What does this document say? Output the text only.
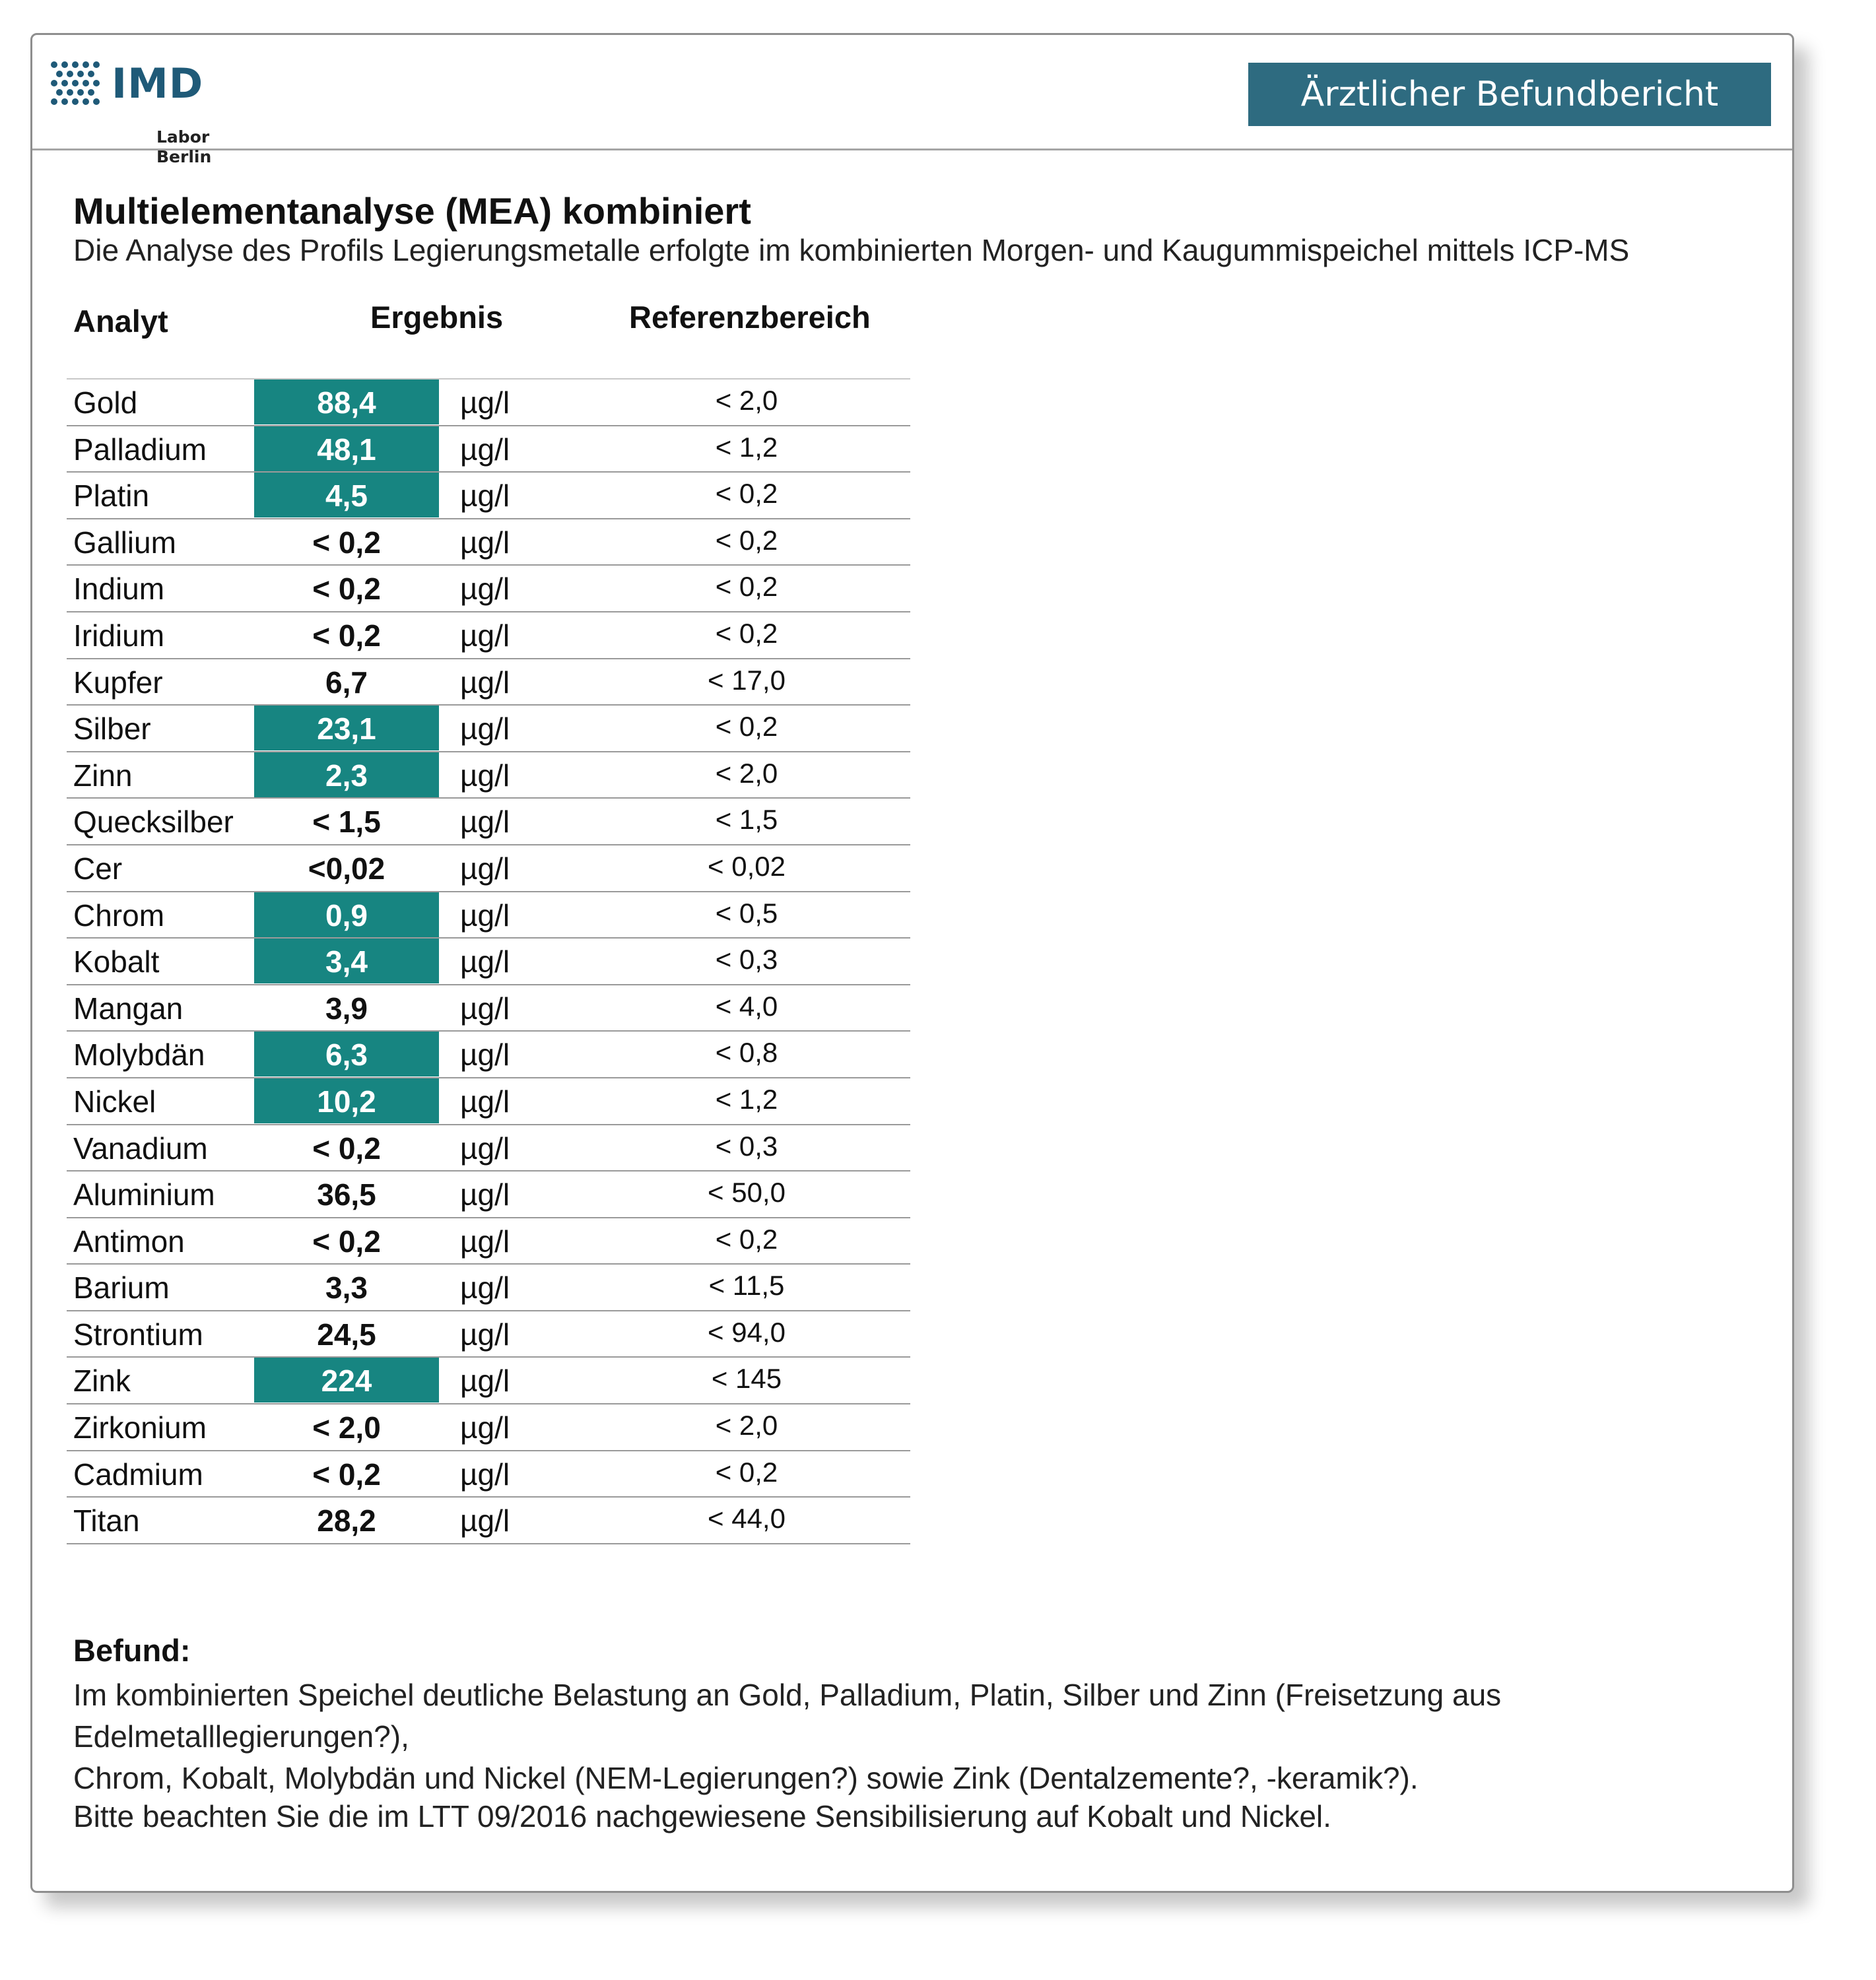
IMD
Labor Berlin
Ärztlicher Befundbericht
Multielementanalyse (MEA) kombiniert
Die Analyse des Profils Legierungsmetalle erfolgte im kombinierten Morgen- und Kaugummispeichel mittels ICP-MS
Analyt	Ergebnis	Referenzbereich
Gold	88,4	µg/l	< 2,0
Palladium	48,1	µg/l	< 1,2
Platin	4,5	µg/l	< 0,2
Gallium	< 0,2	µg/l	< 0,2
Indium	< 0,2	µg/l	< 0,2
Iridium	< 0,2	µg/l	< 0,2
Kupfer	6,7	µg/l	< 17,0
Silber	23,1	µg/l	< 0,2
Zinn	2,3	µg/l	< 2,0
Quecksilber	< 1,5	µg/l	< 1,5
Cer	<0,02	µg/l	< 0,02
Chrom	0,9	µg/l	< 0,5
Kobalt	3,4	µg/l	< 0,3
Mangan	3,9	µg/l	< 4,0
Molybdän	6,3	µg/l	< 0,8
Nickel	10,2	µg/l	< 1,2
Vanadium	< 0,2	µg/l	< 0,3
Aluminium	36,5	µg/l	< 50,0
Antimon	< 0,2	µg/l	< 0,2
Barium	3,3	µg/l	< 11,5
Strontium	24,5	µg/l	< 94,0
Zink	224	µg/l	< 145
Zirkonium	< 2,0	µg/l	< 2,0
Cadmium	< 0,2	µg/l	< 0,2
Titan	28,2	µg/l	< 44,0
Befund:
Im kombinierten Speichel deutliche Belastung an Gold, Palladium, Platin, Silber und Zinn (Freisetzung aus Edelmetalllegierungen?),
Chrom, Kobalt, Molybdän und Nickel (NEM-Legierungen?) sowie Zink (Dentalzemente?, -keramik?).
Bitte beachten Sie die im LTT 09/2016 nachgewiesene Sensibilisierung auf Kobalt und Nickel.
